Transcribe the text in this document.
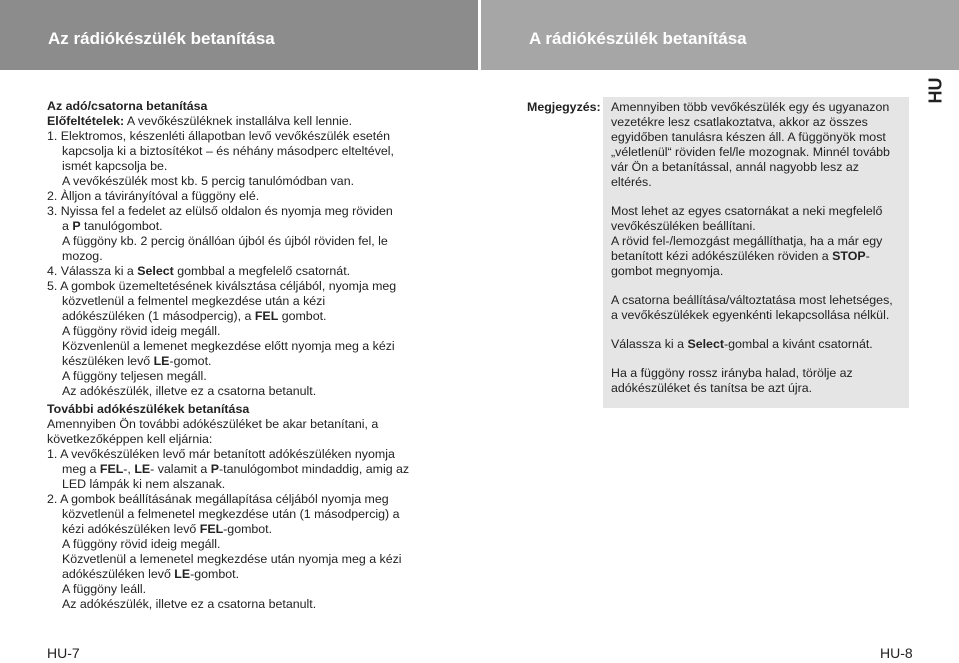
Az rádiókészülék betanítása	A rádiókészülék betanítása
HU
Az adó/csatorna betanítása
Előfeltételek: A vevőkészüléknek installálva kell lennie.
1. Elektromos, készenléti állapotban levő vevőkészülék esetén
kapcsolja ki a biztosítékot – és néhány másodperc elteltével,
ismét kapcsolja be.
A vevőkészülék most kb. 5 percig tanulómódban van.
2. Àlljon a távirányítóval a függöny elé.
3. Nyissa fel a fedelet az elülső oldalon és nyomja meg röviden
a P tanulógombot.
A függöny kb. 2 percig önállóan újból és újból röviden fel, le
mozog.
4. Válassza ki a Select gombbal a megfelelő csatornát.
5. A gombok üzemeltetésének kiválsztása céljából, nyomja meg
közvetlenül a felmentel megkezdése után a kézi
adókészüléken (1 másodpercig), a FEL gombot.
A függöny rövid ideig megáll.
Közvenlenül a lemenet megkezdése előtt nyomja meg a kézi
készüléken levő LE-gomot.
A függöny teljesen megáll.
Az adókészülék, illetve ez a csatorna betanult.
További adókészülékek betanítása
Amennyiben Ön további adókészüléket be akar betanítani, a
következőképpen kell eljárnia:
1. A vevőkészüléken levő már betanított adókészüléken nyomja
meg a FEL-, LE- valamit a P-tanulógombot mindaddig, amig az
LED lámpák ki nem alszanak.
2. A gombok beállításának megállapítása céljából nyomja meg
közvetlenül a felmenetel megkezdése után (1 másodpercig) a
kézi adókészüléken levő FEL-gombot.
A függöny rövid ideig megáll.
Közvetlenül a lemenetel megkezdése után nyomja meg a kézi
adókészüléken levő LE-gombot.
A függöny leáll.
Az adókészülék, illetve ez a csatorna betanult.
Megjegyzés: Amennyiben több vevőkészülék egy és ugyanazon
vezetékre lesz csatlakoztatva, akkor az összes
egyidőben tanulásra készen áll. A függönyök most
„véletlenül“ röviden fel/le mozognak. Minnél tovább
vár Ön a betanítással, annál nagyobb lesz az
eltérés.
Most lehet az egyes csatornákat a neki megfelelő
vevőkészüléken beállítani.
A rövid fel-/lemozgást megállíthatja, ha a már egy
betanított kézi adókészüléken röviden a STOP-
gombot megnyomja.
A csatorna beállítása/változtatása most lehetséges,
a vevőkészülékek egyenkénti lekapcsollása nélkül.
Válassza ki a Select-gombal a kivánt csatornát.
Ha a függöny rossz irányba halad, törölje az
adókészüléket és tanítsa be azt újra.
HU-7	HU-8
